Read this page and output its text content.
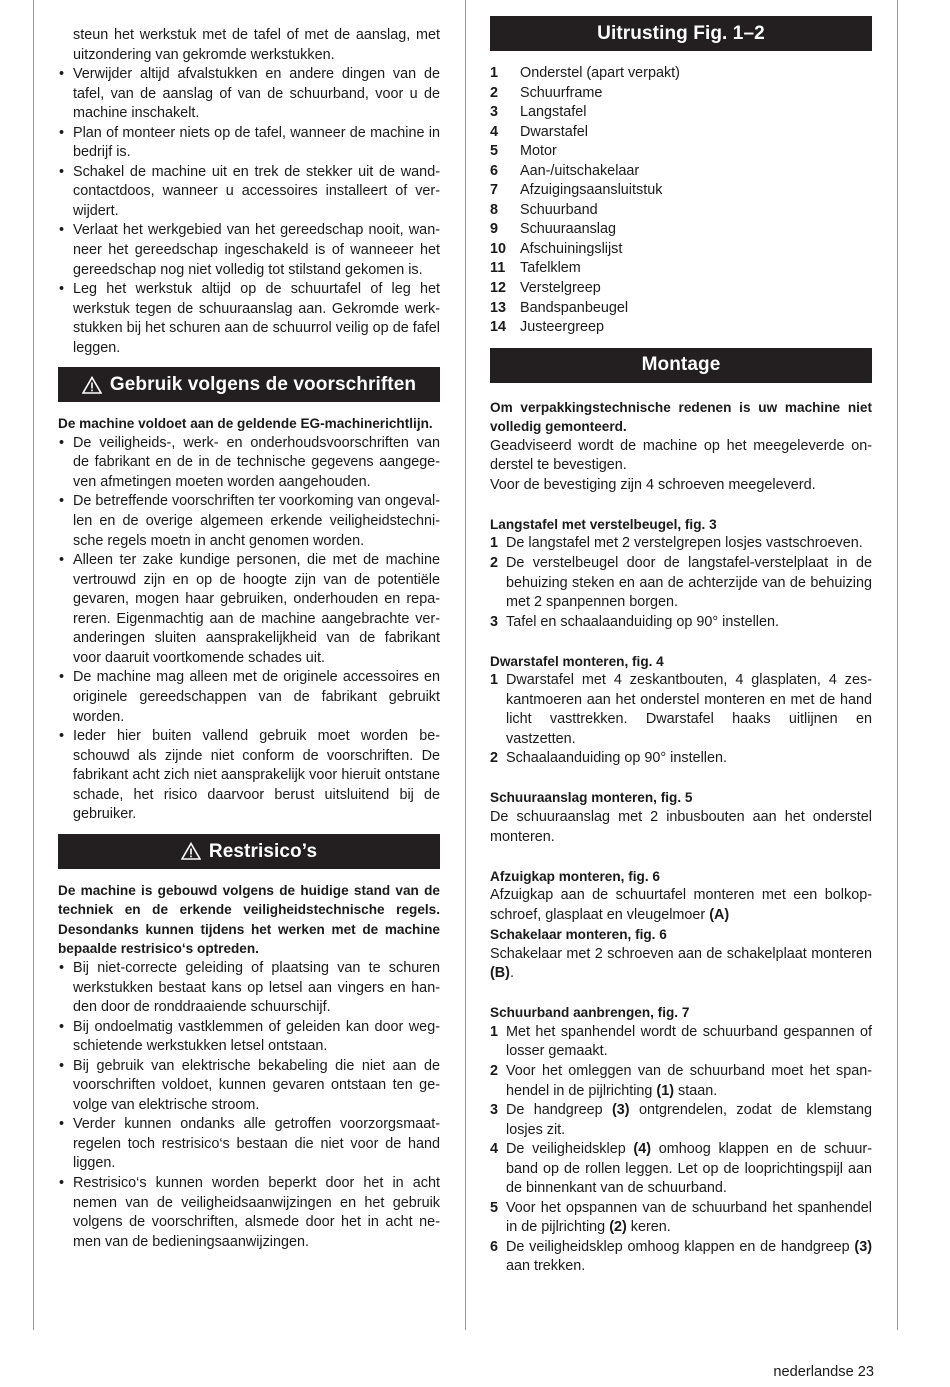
steun het werkstuk met de tafel of met de aanslag, met uitzondering van gekromde werkstukken.

• Verwijder altijd afvalstukken en andere dingen van de tafel, van de aanslag of van de schuurband, voor u de machine inschakelt.
• Plan of monteer niets op de tafel, wanneer de machine in bedrijf is.
• Schakel de machine uit en trek de stekker uit de wandcontactdoos, wanneer u accessoires installeert of verwijdert.
• Verlaat het werkgebied van het gereedschap nooit, wanneer het gereedschap ingeschakeld is of wanneeer het gereedschap nog niet volledig tot stilstand gekomen is.
• Leg het werkstuk altijd op de schuurtafel of leg het werkstuk tegen de schuuraanslag aan. Gekromde werkstukken bij het schuren aan de schuurrol veilig op de fafel leggen.
Gebruik volgens de voorschriften

De machine voldoet aan de geldende EG-machinerichtlijn.

• De veiligheids-, werk- en onderhoudsvoorschriften van de fabrikant en de in de technische gegevens aangegeven afmetingen moeten worden aangehouden.
• De betreffende voorschriften ter voorkoming van ongevallen en de overige algemeen erkende veiligheidstechnische regels moetn in ancht genomen worden.
• Alleen ter zake kundige personen, die met de machine vertrouwd zijn en op de hoogte zijn van de potentiële gevaren, mogen haar gebruiken, onderhouden en repareren. Eigenmachtig aan de machine aangebrachte veranderingen sluiten aansprakelijkheid van de fabrikant voor daaruit voortkomende schades uit.
• De machine mag alleen met de originele accessoires en originele gereedschappen van de fabrikant gebruikt worden.
• Ieder hier buiten vallend gebruik moet worden beschouwd als zijnde niet conform de voorschriften. De fabrikant acht zich niet aansprakelijk voor hieruit ontstane schade, het risico daarvoor berust uitsluitend bij de gebruiker.
Restrisico’s

De machine is gebouwd volgens de huidige stand van de techniek en de erkende veiligheidstechnische regels. Desondanks kunnen tijdens het werken met de machine bepaalde restrisico‘s optreden.

• Bij niet-correcte geleiding of plaatsing van te schuren werkstukken bestaat kans op letsel aan vingers en handen door de ronddraaiende schuurschijf.
• Bij ondoelmatig vastklemmen of geleiden kan door wegschietende werkstukken letsel ontstaan.
• Bij gebruik van elektrische bekabeling die niet aan de voorschriften voldoet, kunnen gevaren ontstaan ten gevolge van elektrische stroom.
• Verder kunnen ondanks alle getroffen voorzorgsmaatregelen toch restrisico‘s bestaan die niet voor de hand liggen.
• Restrisico‘s kunnen worden beperkt door het in acht nemen van de veiligheidsaanwijzingen en het gebruik volgens de voorschriften, alsmede door het in acht nemen van de bedieningsaanwijzingen.
Uitrusting Fig. 1–2
1	Onderstel (apart verpakt)
2	Schuurframe
3	Langstafel
4	Dwarstafel
5	Motor
6	Aan-/uitschakelaar
7	Afzuigingsaansluitstuk
8	Schuurband
9	Schuuraanslag
10 Afschuiningslijst
11	Tafelklem
12 Verstelgreep
13 Bandspanbeugel
14 Justeergreep
Montage

Om verpakkingstechnische redenen is uw machine niet volledig gemonteerd.

Geadviseerd wordt de machine op het meegeleverde onderstel te bevestigen.

Voor de bevestiging zijn 4 schroeven meegeleverd.

Langstafel met verstelbeugel, fig. 3

1 De langstafel met 2 verstelgrepen losjes vastschroeven.
2 De verstelbeugel door de langstafel-verstelplaat in de behuizing steken en aan de achterzijde van de behuizing met 2 spanpennen borgen.
3 Tafel en schaalaanduiding op 90° instellen.

Dwarstafel monteren, fig. 4

1 Dwarstafel met 4 zeskantbouten, 4 glasplaten, 4 zeskantmoeren aan het onderstel monteren en met de hand licht vasttrekken. Dwarstafel haaks uitlijnen en vastzetten.
2 Schaalaanduiding op 90° instellen.

Schuuraanslag monteren, fig. 5

De schuuraanslag met 2 inbusbouten aan het onderstel monteren.

Afzuigkap monteren, fig. 6

Afzuigkap aan de schuurtafel monteren met een bolkopschroef, glasplaat en vleugelmoer (A)

Schakelaar monteren, fig. 6

Schakelaar met 2 schroeven aan de schakelplaat monteren (B).

Schuurband aanbrengen, fig. 7

1 Met het spanhendel wordt de schuurband gespannen of losser gemaakt.
2 Voor het omleggen van de schuurband moet het spanhendel in de pijlrichting (1) staan.
3 De handgreep (3) ontgrendelen, zodat de klemstang losjes zit.
4 De veiligheidsklep (4) omhoog klappen en de schuurband op de rollen leggen. Let op de looprichtingspijl aan de binnenkant van de schuurband.
5 Voor het opspannen van de schuurband het spanhendel in de pijlrichting (2) keren.
6 De veiligheidsklep omhoog klappen en de handgreep (3) aan trekken.
nederlandse 23
